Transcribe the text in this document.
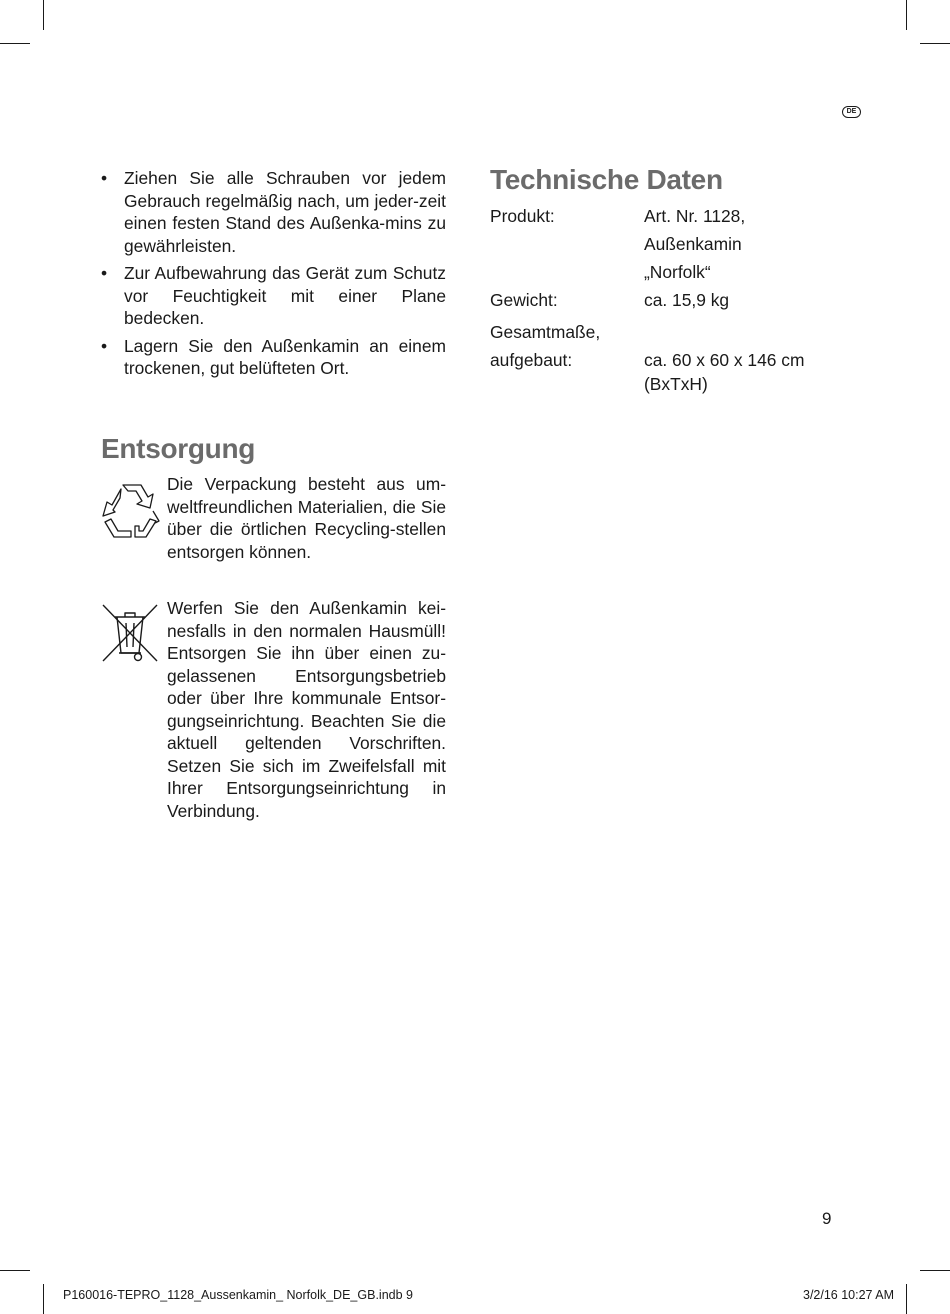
DE
• Ziehen Sie alle Schrauben vor jedem Gebrauch regelmäßig nach, um jeder-zeit einen festen Stand des Außenka-mins zu gewährleisten.
• Zur Aufbewahrung das Gerät zum Schutz vor Feuchtigkeit mit einer Plane bedecken.
• Lagern Sie den Außenkamin an einem trockenen, gut belüfteten Ort.
Entsorgung

Die Verpackung besteht aus um-weltfreundlichen Materialien, die Sie über die örtlichen Recycling-stellen entsorgen können.

Werfen Sie den Außenkamin kei-nesfalls in den normalen Hausmüll! Entsorgen Sie ihn über einen zu-gelassenen Entsorgungsbetrieb oder über Ihre kommunale Entsor-gungseinrichtung. Beachten Sie die aktuell geltenden Vorschriften. Setzen Sie sich im Zweifelsfall mit Ihrer Entsorgungseinrichtung in Verbindung.

Technische Daten
Produkt:	Art. Nr. 1128,
	Außenkamin
	„Norfolk“
Gewicht:	ca. 15,9 kg
Gesamtmaße,	
aufgebaut:	ca. 60 x 60 x 146 cm
	(BxTxH)
9
P160016-TEPRO_1128_Aussenkamin_ Norfolk_DE_GB.indb 9	3/2/16 10:27 AM
